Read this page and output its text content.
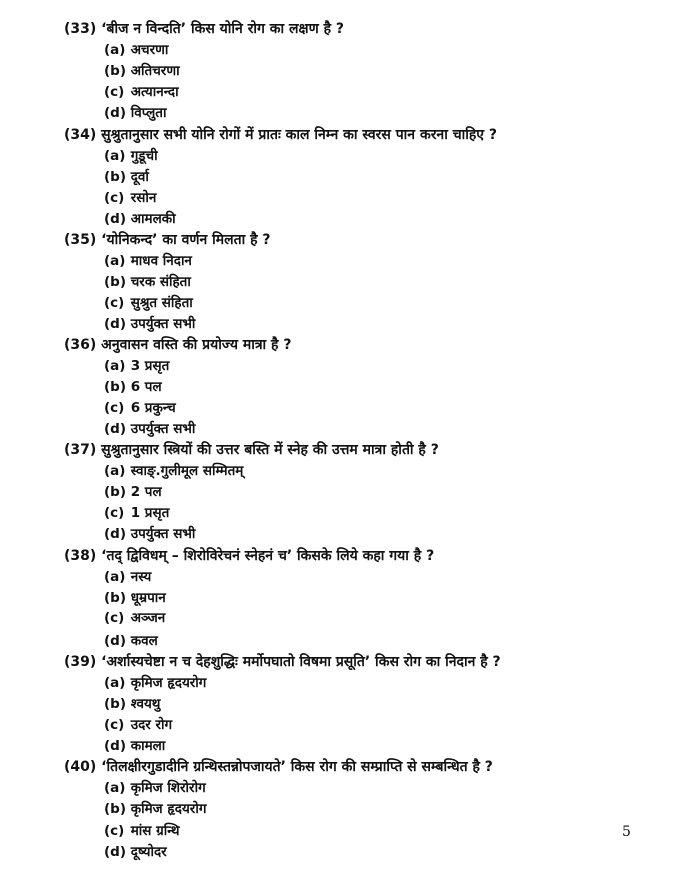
(33) ‘बीज न विन्दति’ किस योनि रोग का लक्षण है ?
(a) अचरणा
(b) अतिचरणा
(c) अत्यानन्दा
(d) विप्लुता
(34) सुश्रुतानुसार सभी योनि रोगों में प्रातः काल निम्न का स्वरस पान करना चाहिए ?
(a) गुडूची
(b) दूर्वा
(c) रसोन
(d) आमलकी
(35) ‘योनिकन्द’ का वर्णन मिलता है ?
(a) माधव निदान
(b) चरक संहिता
(c) सुश्रुत संहिता
(d) उपर्युक्त सभी
(36) अनुवासन वस्ति की प्रयोज्य मात्रा है ?
(a) 3 प्रसृत
(b) 6 पल
(c) 6 प्रकुन्च
(d) उपर्युक्त सभी
(37) सुश्रुतानुसार स्त्रियों की उत्तर बस्ति में स्नेह की उत्तम मात्रा होती है ?
(a) स्वाङ्.गुलीमूल सम्मितम्
(b) 2 पल
(c) 1 प्रसृत
(d) उपर्युक्त सभी
(38) ‘तद् द्विविधम् – शिरोविरेचनं स्नेहनं च’ किसके लिये कहा गया है ?
(a) नस्य
(b) धूम्रपान
(c) अञ्जन
(d) कवल
(39) ‘अर्शास्यचेष्टा न च देहशुद्धिः मर्मोपघातो विषमा प्रसूति’ किस रोग का निदान है ?
(a) कृमिज हृदयरोग
(b) श्वयथु
(c) उदर रोग
(d) कामला
(40) ‘तिलक्षीरगुडादीनि ग्रन्थिस्तन्नोपजायते’ किस रोग की सम्प्राप्ति से सम्बन्धित है ?
(a) कृमिज शिरोरोग
(b) कृमिज हृदयरोग
(c) मांस ग्रन्थि
(d) दूष्योदर
5
